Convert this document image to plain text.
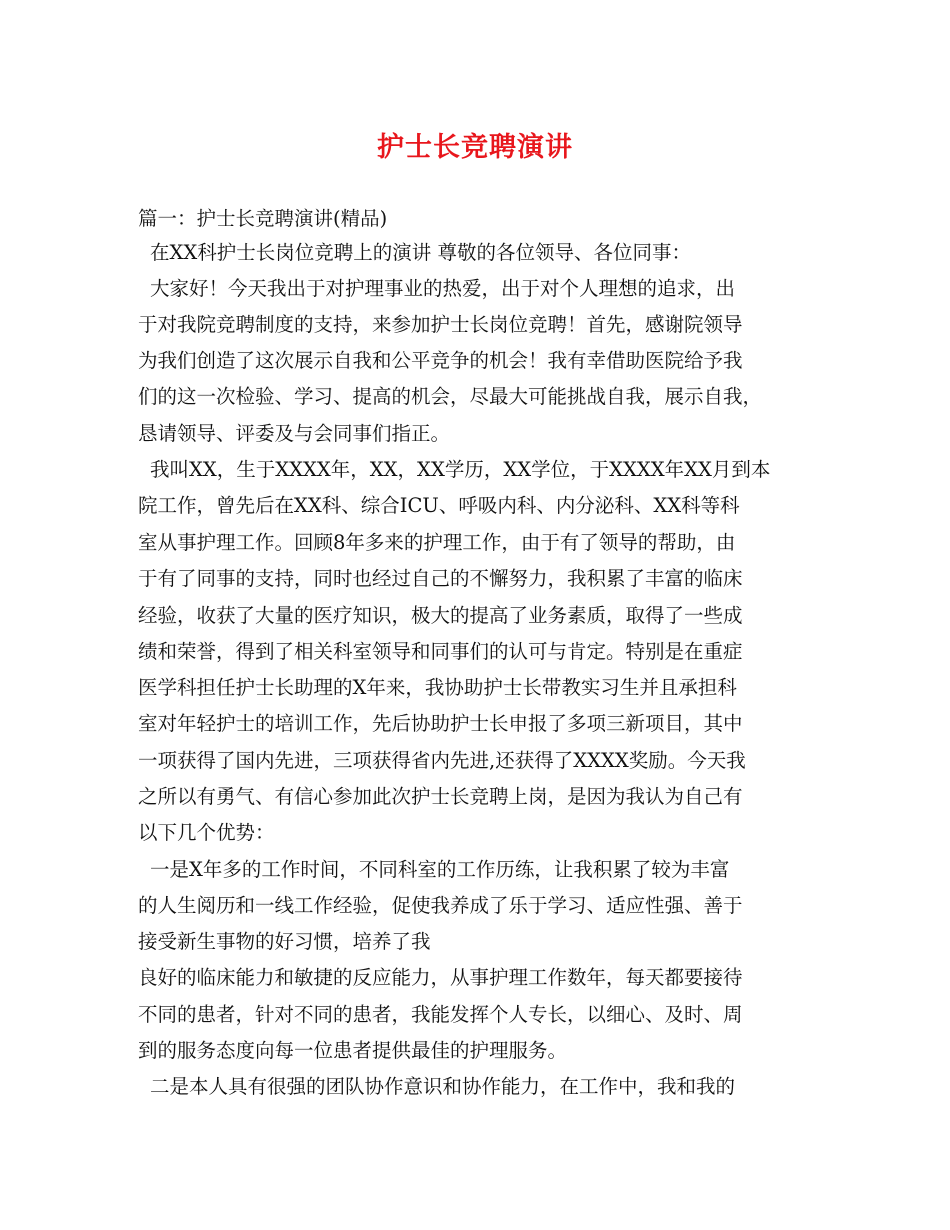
护士长竞聘演讲
篇一：护士长竞聘演讲(精品)
在XX科护士长岗位竞聘上的演讲 尊敬的各位领导、各位同事：
大家好！今天我出于对护理事业的热爱，出于对个人理想的追求，出
于对我院竞聘制度的支持，来参加护士长岗位竞聘！首先，感谢院领导
为我们创造了这次展示自我和公平竞争的机会！我有幸借助医院给予我
们的这一次检验、学习、提高的机会，尽最大可能挑战自我，展示自我，
恳请领导、评委及与会同事们指正。
我叫XX，生于XXXX年，XX，XX学历，XX学位，于XXXX年XX月到本
院工作，曾先后在XX科、综合ICU、呼吸内科、内分泌科、XX科等科
室从事护理工作。回顾8年多来的护理工作，由于有了领导的帮助，由
于有了同事的支持，同时也经过自己的不懈努力，我积累了丰富的临床
经验，收获了大量的医疗知识，极大的提高了业务素质，取得了一些成
绩和荣誉，得到了相关科室领导和同事们的认可与肯定。特别是在重症
医学科担任护士长助理的X年来，我协助护士长带教实习生并且承担科
室对年轻护士的培训工作，先后协助护士长申报了多项三新项目，其中
一项获得了国内先进，三项获得省内先进,还获得了XXXX奖励。今天我
之所以有勇气、有信心参加此次护士长竞聘上岗，是因为我认为自己有
以下几个优势：
一是X年多的工作时间，不同科室的工作历练，让我积累了较为丰富
的人生阅历和一线工作经验，促使我养成了乐于学习、适应性强、善于
接受新生事物的好习惯，培养了我
良好的临床能力和敏捷的反应能力，从事护理工作数年，每天都要接待
不同的患者，针对不同的患者，我能发挥个人专长，以细心、及时、周
到的服务态度向每一位患者提供最佳的护理服务。
二是本人具有很强的团队协作意识和协作能力，在工作中，我和我的
